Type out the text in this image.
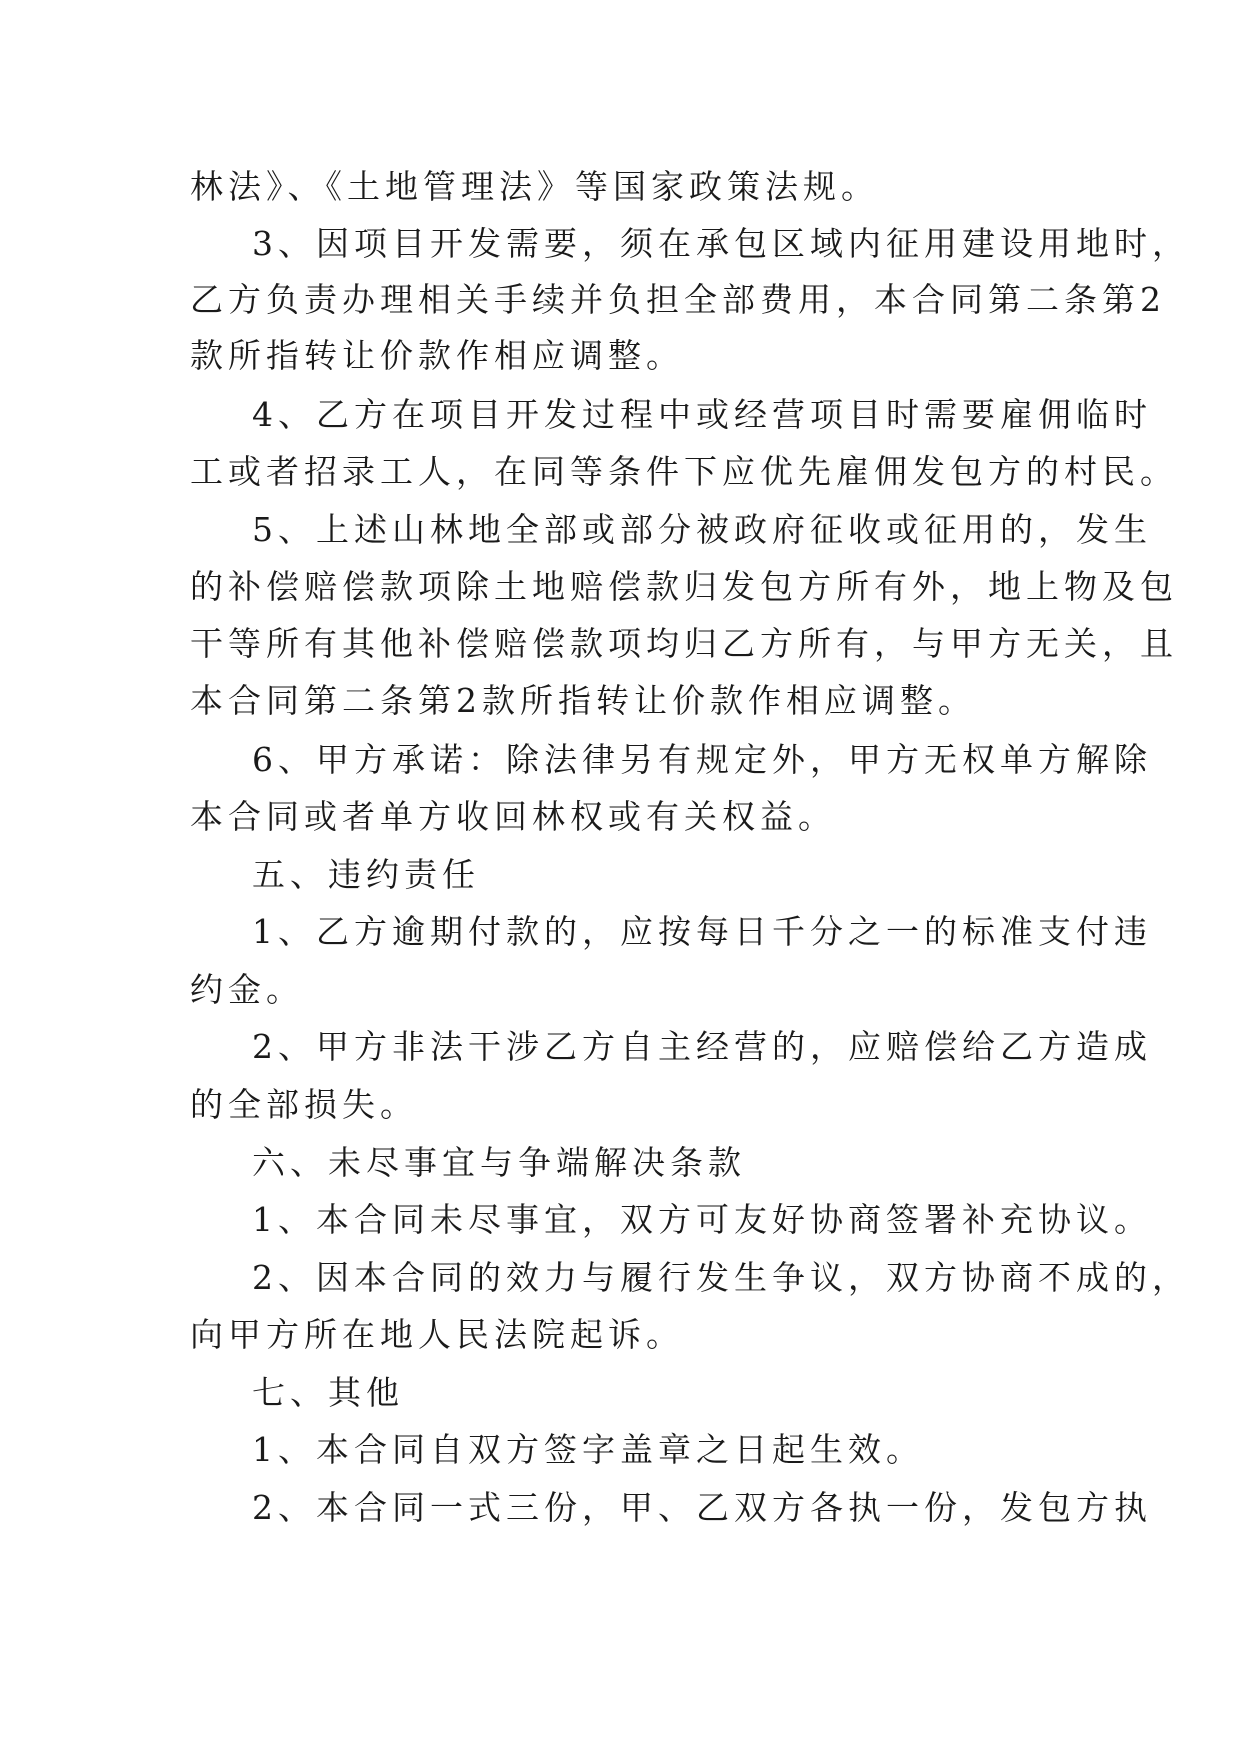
林法》、《土地管理法》等国家政策法规。
3、因项目开发需要，须在承包区域内征用建设用地时，
乙方负责办理相关手续并负担全部费用，本合同第二条第2
款所指转让价款作相应调整。
4、乙方在项目开发过程中或经营项目时需要雇佣临时
工或者招录工人，在同等条件下应优先雇佣发包方的村民。
5、上述山林地全部或部分被政府征收或征用的，发生
的补偿赔偿款项除土地赔偿款归发包方所有外，地上物及包
干等所有其他补偿赔偿款项均归乙方所有，与甲方无关，且
本合同第二条第2款所指转让价款作相应调整。
6、甲方承诺：除法律另有规定外，甲方无权单方解除
本合同或者单方收回林权或有关权益。
五、违约责任
1、乙方逾期付款的，应按每日千分之一的标准支付违
约金。
2、甲方非法干涉乙方自主经营的，应赔偿给乙方造成
的全部损失。
六、未尽事宜与争端解决条款
1、本合同未尽事宜，双方可友好协商签署补充协议。
2、因本合同的效力与履行发生争议，双方协商不成的，
向甲方所在地人民法院起诉。
七、其他
1、本合同自双方签字盖章之日起生效。
2、本合同一式三份，甲、乙双方各执一份，发包方执
